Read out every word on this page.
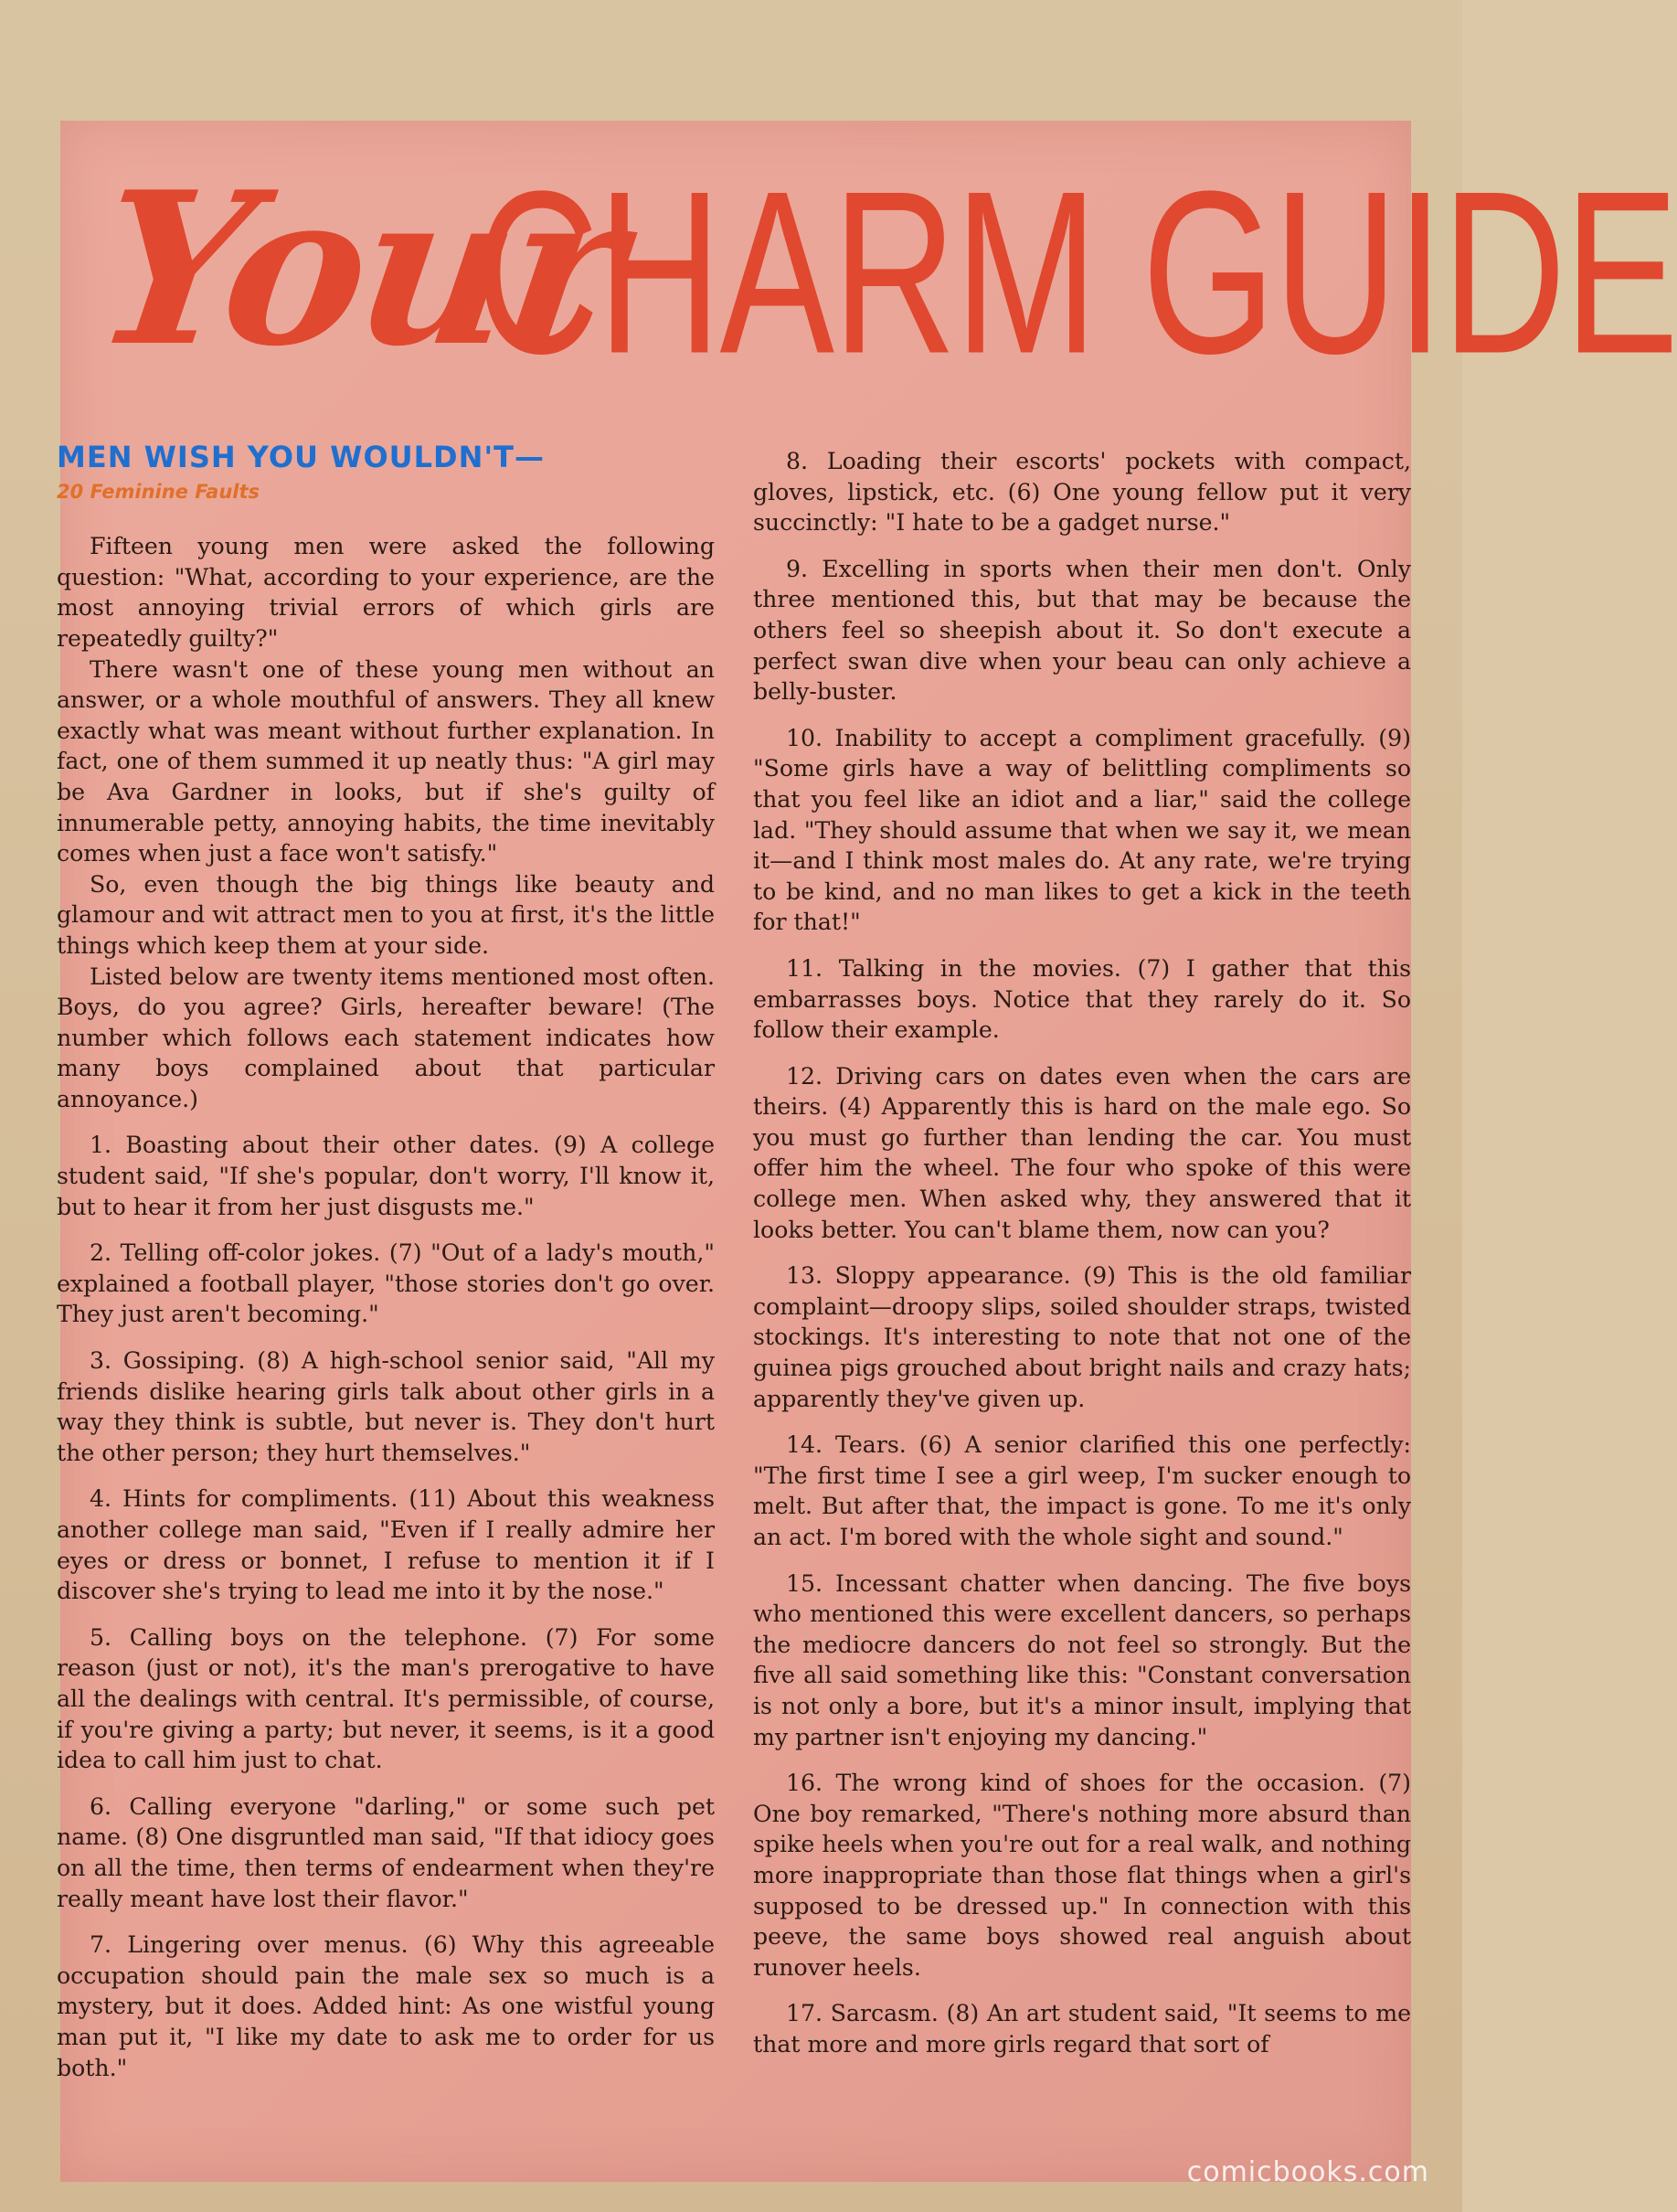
Your
CHARM GUIDE
MEN WISH YOU WOULDN'T—
20 Feminine Faults

Fifteen young men were asked the following question: "What, according to your experience, are the most annoying trivial errors of which girls are repeatedly guilty?"

There wasn't one of these young men without an answer, or a whole mouthful of answers. They all knew exactly what was meant without further explanation. In fact, one of them summed it up neatly thus: "A girl may be Ava Gardner in looks, but if she's guilty of innumerable petty, annoying habits, the time inevitably comes when just a face won't satisfy."

So, even though the big things like beauty and glamour and wit attract men to you at first, it's the little things which keep them at your side.

Listed below are twenty items mentioned most often. Boys, do you agree? Girls, hereafter beware! (The number which follows each statement indicates how many boys complained about that particular annoyance.)

1. Boasting about their other dates. (9) A college student said, "If she's popular, don't worry, I'll know it, but to hear it from her just disgusts me."

2. Telling off-color jokes. (7) "Out of a lady's mouth," explained a football player, "those stories don't go over. They just aren't becoming."

3. Gossiping. (8) A high-school senior said, "All my friends dislike hearing girls talk about other girls in a way they think is subtle, but never is. They don't hurt the other person; they hurt themselves."

4. Hints for compliments. (11) About this weakness another college man said, "Even if I really admire her eyes or dress or bonnet, I refuse to mention it if I discover she's trying to lead me into it by the nose."

5. Calling boys on the telephone. (7) For some reason (just or not), it's the man's prerogative to have all the dealings with central. It's permissible, of course, if you're giving a party; but never, it seems, is it a good idea to call him just to chat.

6. Calling everyone "darling," or some such pet name. (8) One disgruntled man said, "If that idiocy goes on all the time, then terms of endearment when they're really meant have lost their flavor."

7. Lingering over menus. (6) Why this agreeable occupation should pain the male sex so much is a mystery, but it does. Added hint: As one wistful young man put it, "I like my date to ask me to order for us both."

8. Loading their escorts' pockets with compact, gloves, lipstick, etc. (6) One young fellow put it very succinctly: "I hate to be a gadget nurse."

9. Excelling in sports when their men don't. Only three mentioned this, but that may be because the others feel so sheepish about it. So don't execute a perfect swan dive when your beau can only achieve a belly-buster.

10. Inability to accept a compliment gracefully. (9) "Some girls have a way of belittling compliments so that you feel like an idiot and a liar," said the college lad. "They should assume that when we say it, we mean it—and I think most males do. At any rate, we're trying to be kind, and no man likes to get a kick in the teeth for that!"

11. Talking in the movies. (7) I gather that this embarrasses boys. Notice that they rarely do it. So follow their example.

12. Driving cars on dates even when the cars are theirs. (4) Apparently this is hard on the male ego. So you must go further than lending the car. You must offer him the wheel. The four who spoke of this were college men. When asked why, they answered that it looks better. You can't blame them, now can you?

13. Sloppy appearance. (9) This is the old familiar complaint—droopy slips, soiled shoulder straps, twisted stockings. It's interesting to note that not one of the guinea pigs grouched about bright nails and crazy hats; apparently they've given up.

14. Tears. (6) A senior clarified this one perfectly: "The first time I see a girl weep, I'm sucker enough to melt. But after that, the impact is gone. To me it's only an act. I'm bored with the whole sight and sound."

15. Incessant chatter when dancing. The five boys who mentioned this were excellent dancers, so perhaps the mediocre dancers do not feel so strongly. But the five all said something like this: "Constant conversation is not only a bore, but it's a minor insult, implying that my partner isn't enjoying my dancing."

16. The wrong kind of shoes for the occasion. (7) One boy remarked, "There's nothing more absurd than spike heels when you're out for a real walk, and nothing more inappropriate than those flat things when a girl's supposed to be dressed up." In connection with this peeve, the same boys showed real anguish about runover heels.

17. Sarcasm. (8) An art student said, "It seems to me that more and more girls regard that sort of

comicbooks.com
